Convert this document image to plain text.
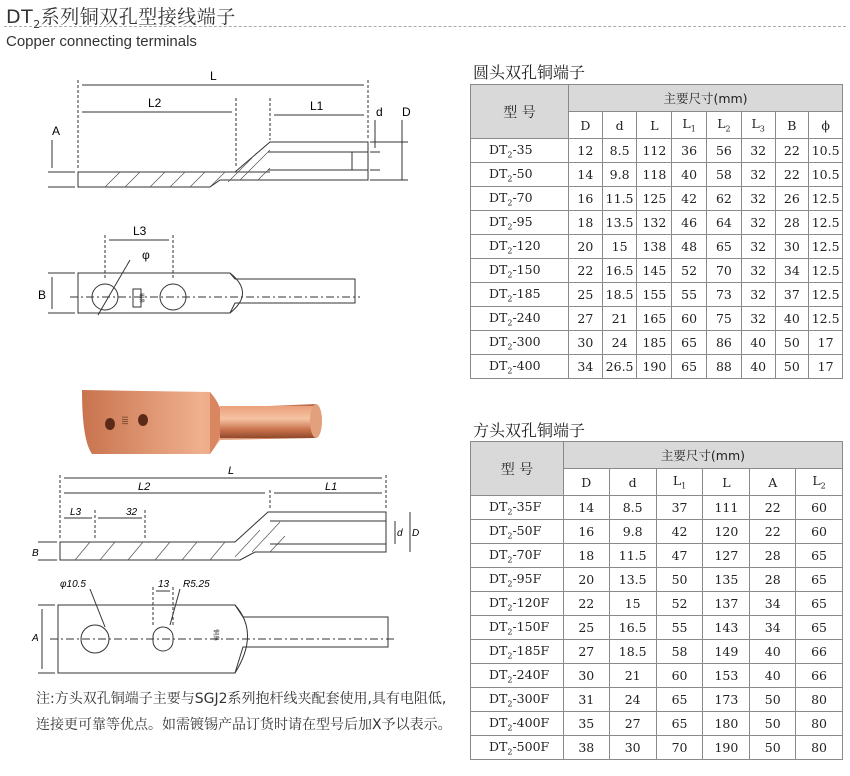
$DT_2$系列铜双孔型接线端子
Copper connecting terminals
L
L2	L1	d D
A
L3
φ
B	铜鼻
IIII
L
L2	L1
L3	32
d D
B
φ10.5	13 R5.25
A	铜鼻
注:方头双孔铜端子主要与SGJ2系列抱杆线夹配套使用,具有电阻低,连接更可靠等优点。如需镀锡产品订货时请在型号后加X予以表示。
圆头双孔铜端子
型 号	主要尺寸(mm)							
	D	d	L	$L_1$	$L_2$	$L_3$	B	ϕ
$DT_2-35$	12	8.5	112	36	56	32	22	10.5
$DT_2-50$	14	9.8	118	40	58	32	22	10.5
$DT_2-70$	16	11.5	125	42	62	32	26	12.5
$DT_2-95$	18	13.5	132	46	64	32	28	12.5
$DT_2-120$	20	15	138	48	65	32	30	12.5
$DT_2-150$	22	16.5	145	52	70	32	34	12.5
$DT_2-185$	25	18.5	155	55	73	32	37	12.5
$DT_2-240$	27	21	165	60	75	32	40	12.5
$DT_2-300$	30	24	185	65	86	40	50	17
$DT_2-400$	34	26.5	190	65	88	40	50	17
方头双孔铜端子
型 号	主要尺寸(mm)					
	D	d	$L_1$	L	A	$L_2$
$DT_2-35F$	14	8.5	37	111	22	60
$DT_2-50F$	16	9.8	42	120	22	60
$DT_2-70F$	18	11.5	47	127	28	65
$DT_2-95F$	20	13.5	50	135	28	65
$DT_2-120F$	22	15	52	137	34	65
$DT_2-150F$	25	16.5	55	143	34	65
$DT_2-185F$	27	18.5	58	149	40	66
$DT_2-240F$	30	21	60	153	40	66
$DT_2-300F$	31	24	65	173	50	80
$DT_2-400F$	35	27	65	180	50	80
$DT_2-500F$	38	30	70	190	50	80
